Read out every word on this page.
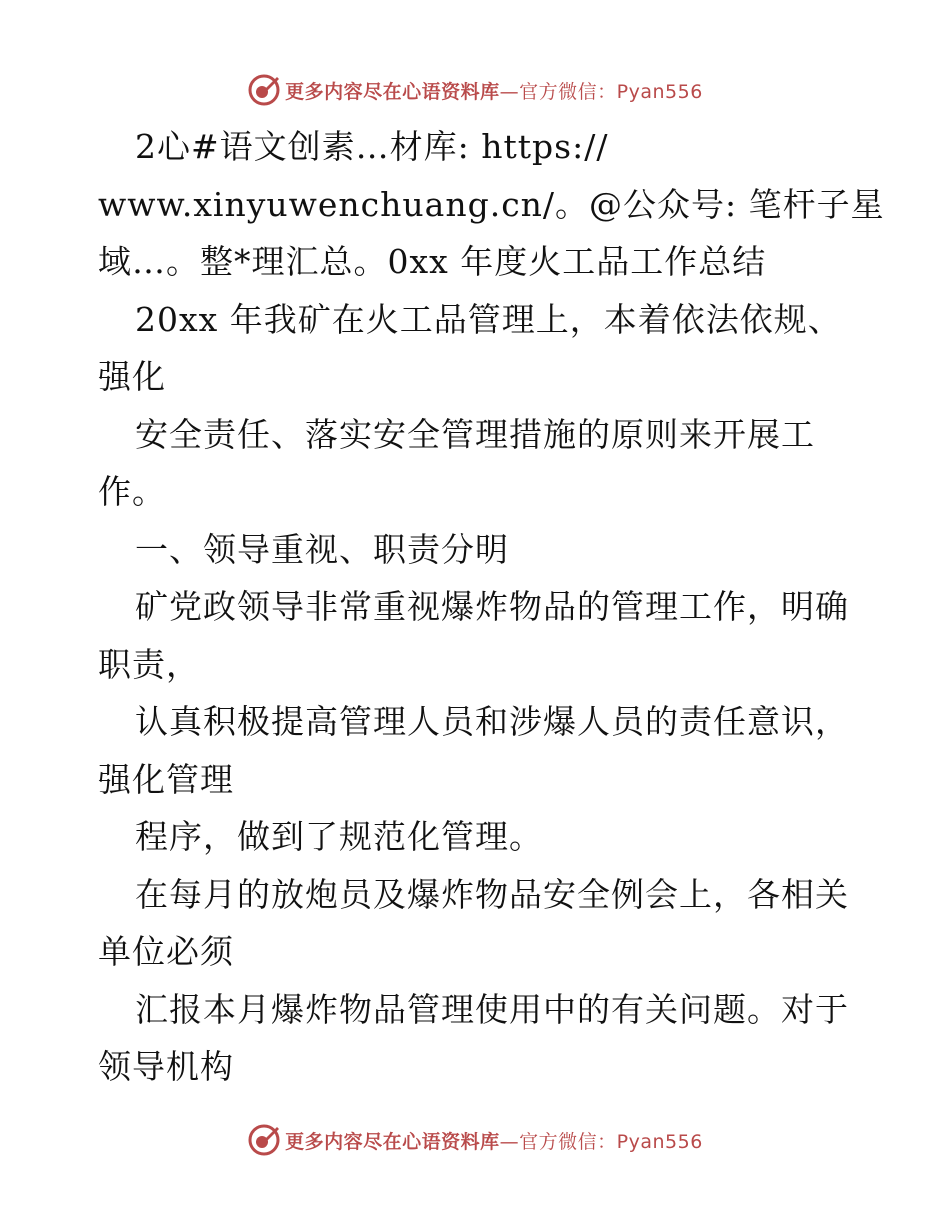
更多内容尽在心语资料库—官方微信：Pyan556
2心#语文创素…材库: https://
www.xinyuwenchuang.cn/。@公众号: 笔杆子星
域…。整*理汇总。0xx 年度火工品工作总结
20xx 年我矿在火工品管理上，本着依法依规、
强化
安全责任、落实安全管理措施的原则来开展工
作。
一、领导重视、职责分明
矿党政领导非常重视爆炸物品的管理工作，明确
职责，
认真积极提高管理人员和涉爆人员的责任意识，
强化管理
程序，做到了规范化管理。
在每月的放炮员及爆炸物品安全例会上，各相关
单位必须
汇报本月爆炸物品管理使用中的有关问题。对于
领导机构
更多内容尽在心语资料库—官方微信：Pyan556
